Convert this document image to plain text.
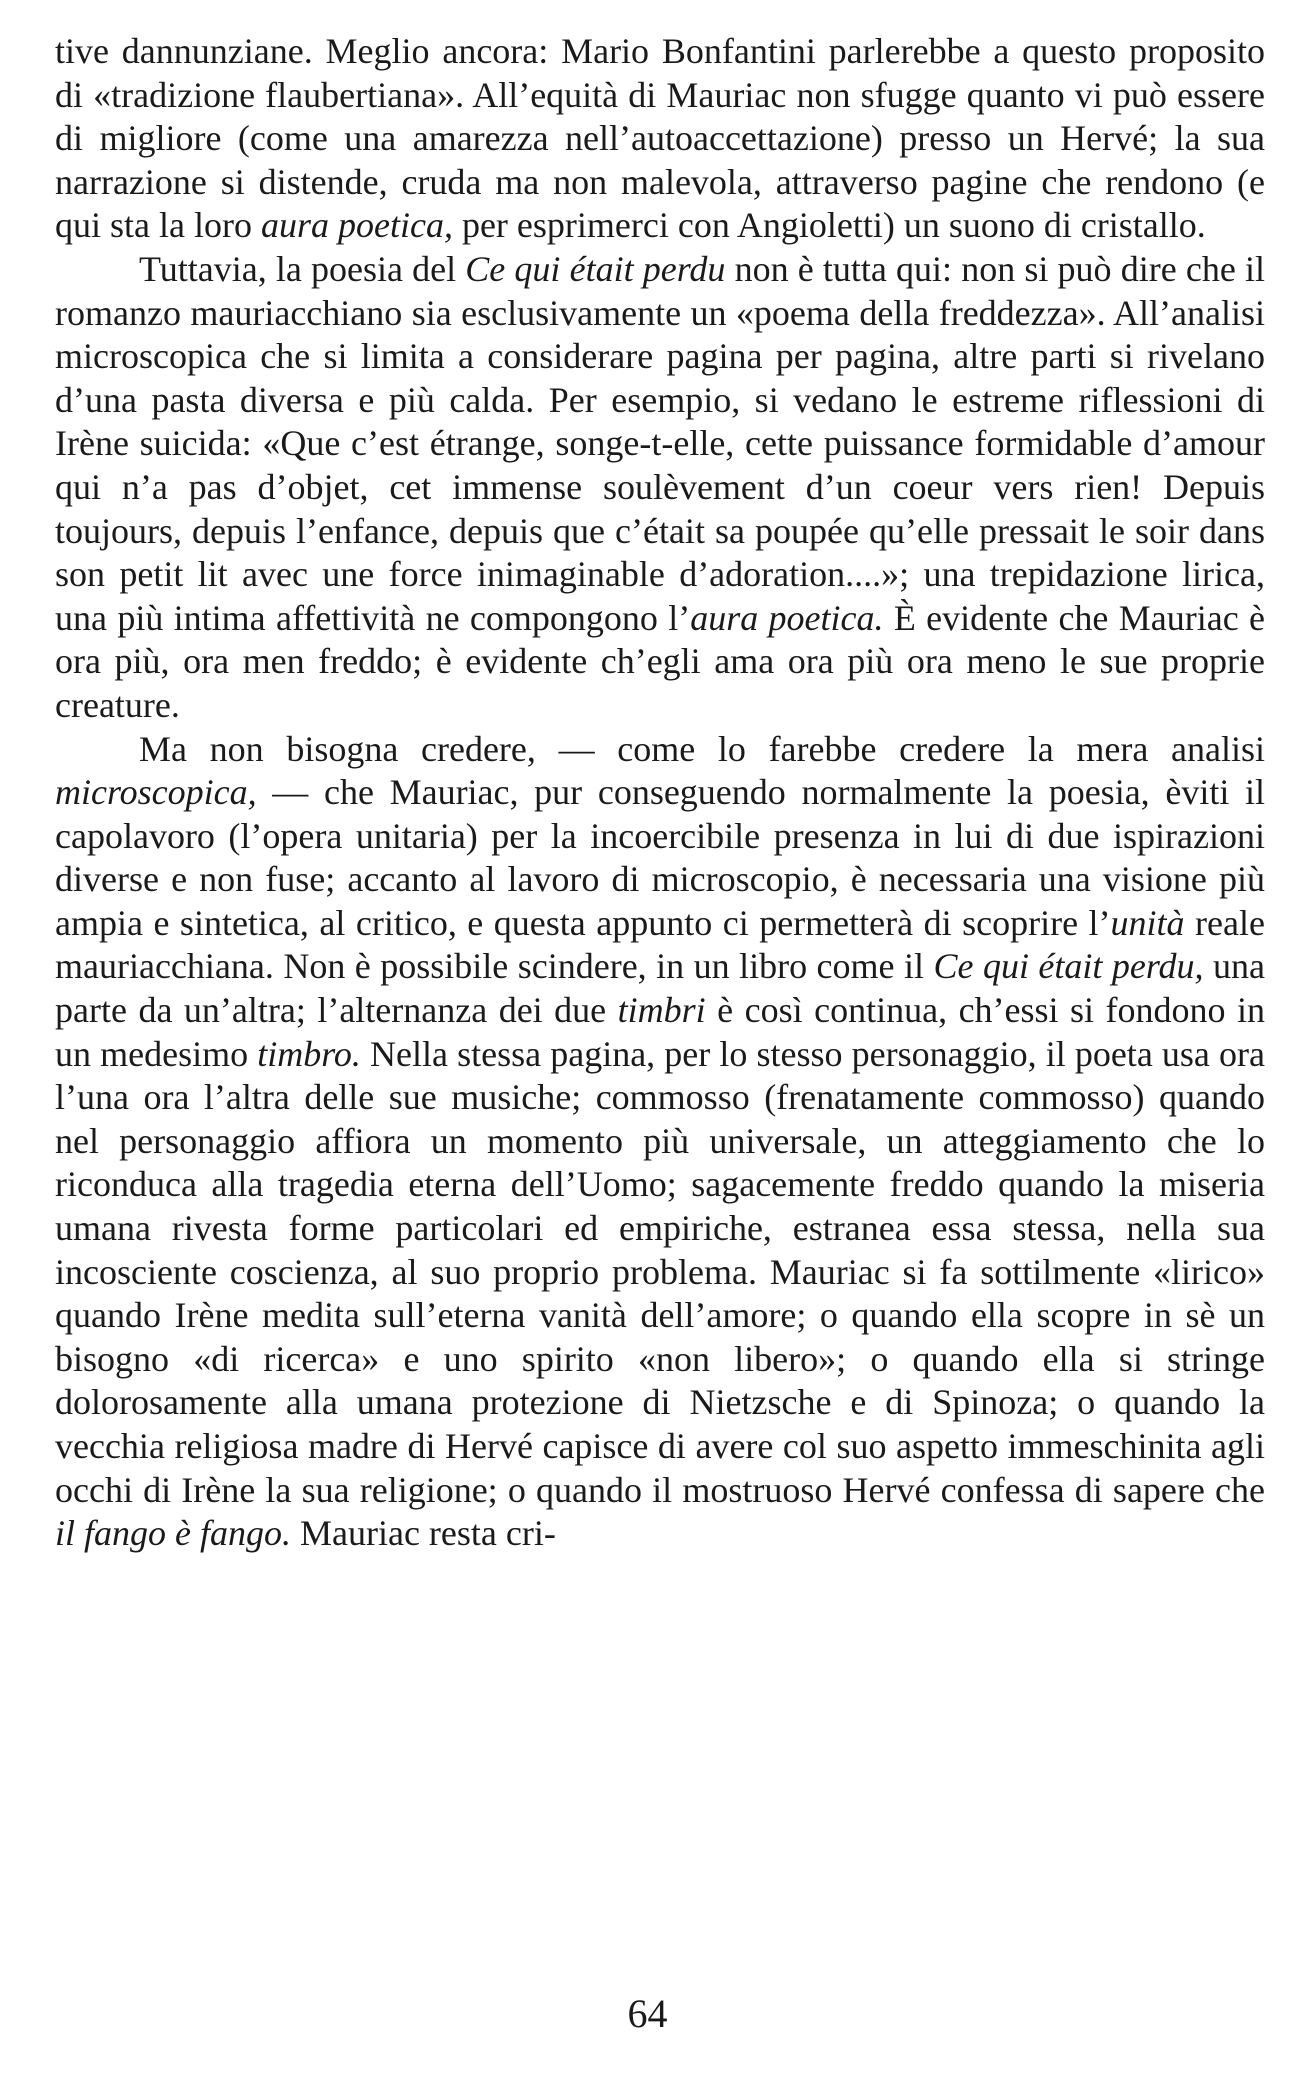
tive dannunziane. Meglio ancora: Mario Bonfantini parlerebbe a questo proposito di «tradizione flaubertiana». All’equità di Mauriac non sfugge quanto vi può essere di migliore (come una amarezza nell’autoaccettazione) presso un Hervé; la sua narrazione si distende, cruda ma non malevola, attraverso pagine che rendono (e qui sta la loro aura poetica, per esprimerci con Angioletti) un suono di cristallo.

Tuttavia, la poesia del Ce qui était perdu non è tutta qui: non si può dire che il romanzo mauriacchiano sia esclusivamente un «poema della freddezza». All’analisi microscopica che si limita a considerare pagina per pagina, altre parti si rivelano d’una pasta diversa e più calda. Per esempio, si vedano le estreme riflessioni di Irène suicida: «Que c’est étrange, songe-t-elle, cette puissance formidable d’amour qui n’a pas d’objet, cet immense soulèvement d’un coeur vers rien! Depuis toujours, depuis l’enfance, depuis que c’était sa poupée qu’elle pressait le soir dans son petit lit avec une force inimaginable d’adoration....»; una trepidazione lirica, una più intima affettività ne compongono l’aura poetica. È evidente che Mauriac è ora più, ora men freddo; è evidente ch’egli ama ora più ora meno le sue proprie creature.

Ma non bisogna credere, — come lo farebbe credere la mera analisi microscopica, — che Mauriac, pur conseguendo normalmente la poesia, èviti il capolavoro (l’opera unitaria) per la incoercibile presenza in lui di due ispirazioni diverse e non fuse; accanto al lavoro di microscopio, è necessaria una visione più ampia e sintetica, al critico, e questa appunto ci permetterà di scoprire l’unità reale mauriacchiana. Non è possibile scindere, in un libro come il Ce qui était perdu, una parte da un’altra; l’alternanza dei due timbri è così continua, ch’essi si fondono in un medesimo timbro. Nella stessa pagina, per lo stesso personaggio, il poeta usa ora l’una ora l’altra delle sue musiche; commosso (frenatamente commosso) quando nel personaggio affiora un momento più universale, un atteggiamento che lo riconduca alla tragedia eterna dell’Uomo; sagacemente freddo quando la miseria umana rivesta forme particolari ed empiriche, estranea essa stessa, nella sua incosciente coscienza, al suo proprio problema. Mauriac si fa sottilmente «lirico» quando Irène medita sull’eterna vanità dell’amore; o quando ella scopre in sè un bisogno «di ricerca» e uno spirito «non libero»; o quando ella si stringe dolorosamente alla umana protezione di Nietzsche e di Spinoza; o quando la vecchia religiosa madre di Hervé capisce di avere col suo aspetto immeschinita agli occhi di Irène la sua religione; o quando il mostruoso Hervé confessa di sapere che il fango è fango. Mauriac resta cri-

64
